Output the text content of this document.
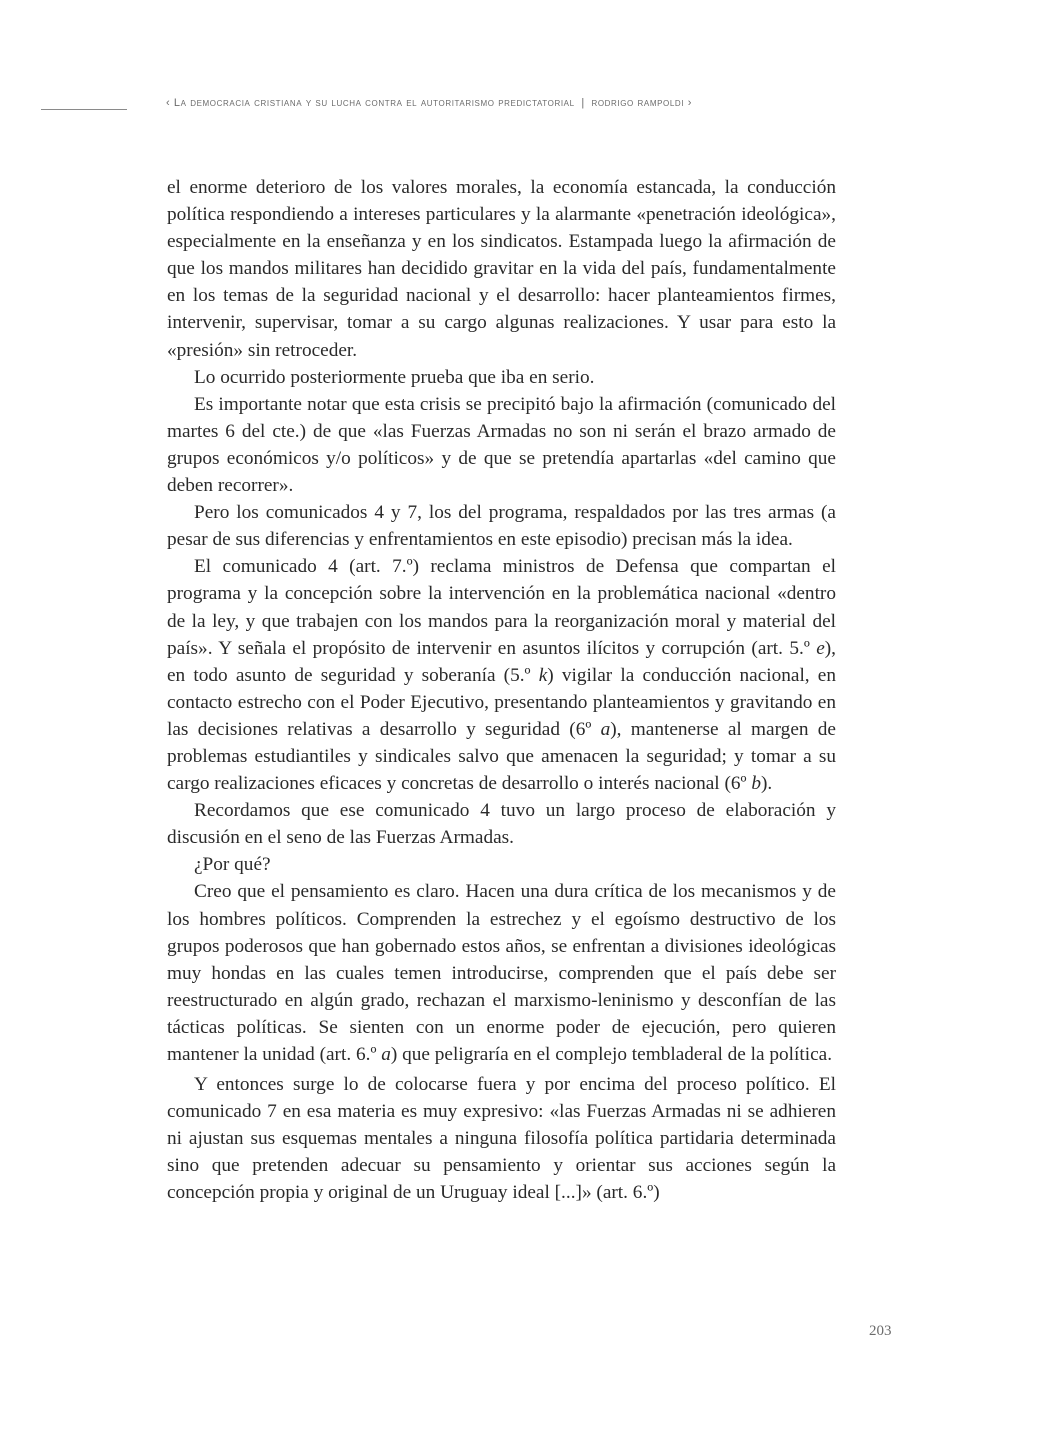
‹ La democracia cristiana y su lucha contra el autoritarismo predictatorial | rodrigo rampoldi ›

el enorme deterioro de los valores morales, la economía estancada, la conducción política respondiendo a intereses particulares y la alarmante «penetración ideológica», especialmente en la enseñanza y en los sindicatos. Estampada luego la afirmación de que los mandos militares han decidido gravitar en la vida del país, fundamentalmente en los temas de la seguridad nacional y el desarrollo: hacer planteamientos firmes, intervenir, supervisar, tomar a su cargo algunas realizaciones. Y usar para esto la «presión» sin retroceder.

Lo ocurrido posteriormente prueba que iba en serio.

Es importante notar que esta crisis se precipitó bajo la afirmación (comunicado del martes 6 del cte.) de que «las Fuerzas Armadas no son ni serán el brazo armado de grupos económicos y/o políticos» y de que se pretendía apartarlas «del camino que deben recorrer».

Pero los comunicados 4 y 7, los del programa, respaldados por las tres armas (a pesar de sus diferencias y enfrentamientos en este episodio) precisan más la idea.

El comunicado 4 (art. 7.º) reclama ministros de Defensa que compartan el programa y la concepción sobre la intervención en la problemática nacional «dentro de la ley, y que trabajen con los mandos para la reorganización moral y material del país». Y señala el propósito de intervenir en asuntos ilícitos y corrupción (art. 5.º e), en todo asunto de seguridad y soberanía (5.º k) vigilar la conducción nacional, en contacto estrecho con el Poder Ejecutivo, presentando planteamientos y gravitando en las decisiones relativas a desarrollo y seguridad (6º a), mantenerse al margen de problemas estudiantiles y sindicales salvo que amenacen la seguridad; y tomar a su cargo realizaciones eficaces y concretas de desarrollo o interés nacional (6º b).

Recordamos que ese comunicado 4 tuvo un largo proceso de elaboración y discusión en el seno de las Fuerzas Armadas.

¿Por qué?

Creo que el pensamiento es claro. Hacen una dura crítica de los mecanismos y de los hombres políticos. Comprenden la estrechez y el egoísmo destructivo de los grupos poderosos que han gobernado estos años, se enfrentan a divisiones ideológicas muy hondas en las cuales temen introducirse, comprenden que el país debe ser reestructurado en algún grado, rechazan el marxismo-leninismo y desconfían de las tácticas políticas. Se sienten con un enorme poder de ejecución, pero quieren mantener la unidad (art. 6.º a) que peligraría en el complejo tembladeral de la política.

Y entonces surge lo de colocarse fuera y por encima del proceso político. El comunicado 7 en esa materia es muy expresivo: «las Fuerzas Armadas ni se adhieren ni ajustan sus esquemas mentales a ninguna filosofía política partidaria determinada sino que pretenden adecuar su pensamiento y orientar sus acciones según la concepción propia y original de un Uruguay ideal [...]» (art. 6.º)

203
